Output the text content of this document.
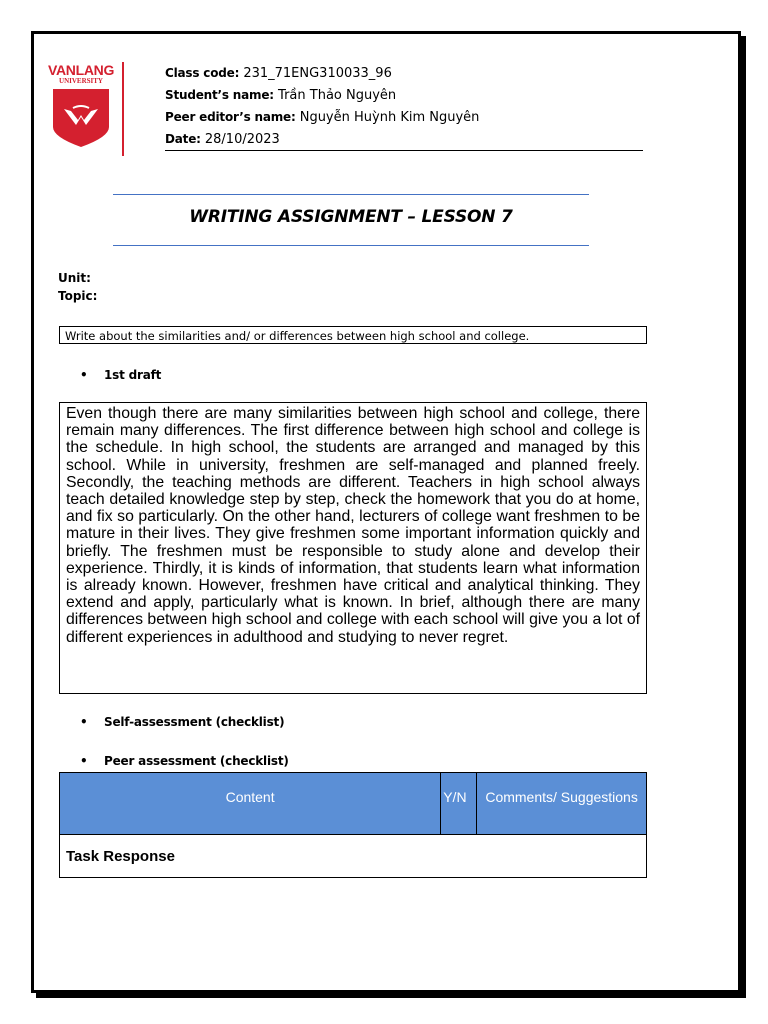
VANLANG
UNIVERSITY
Class code: 231_71ENG310033_96
Student’s name: Trần Thảo Nguyên
Peer editor’s name: Nguyễn Huỳnh Kim Nguyên
Date: 28/10/2023
WRITING ASSIGNMENT – LESSON 7
Unit:
Topic:
Write about the similarities and/ or differences between high school and college.
• 1st draft
Even though there are many similarities between high school and college, there remain many differences. The first difference between high school and college is the schedule. In high school, the students are arranged and managed by this school. While in university, freshmen are self-managed and planned freely. Secondly, the teaching methods are different. Teachers in high school always teach detailed knowledge step by step, check the homework that you do at home, and fix so particularly. On the other hand, lecturers of college want freshmen to be mature in their lives. They give freshmen some important information quickly and briefly. The freshmen must be responsible to study alone and develop their experience. Thirdly, it is kinds of information, that students learn what information is already known. However, freshmen have critical and analytical thinking. They extend and apply, particularly what is known. In brief, although there are many differences between high school and college with each school will give you a lot of different experiences in adulthood and studying to never regret.
• Self-assessment (checklist)
• Peer assessment (checklist)
Content	Y/N	Comments/ Suggestions
Task Response
